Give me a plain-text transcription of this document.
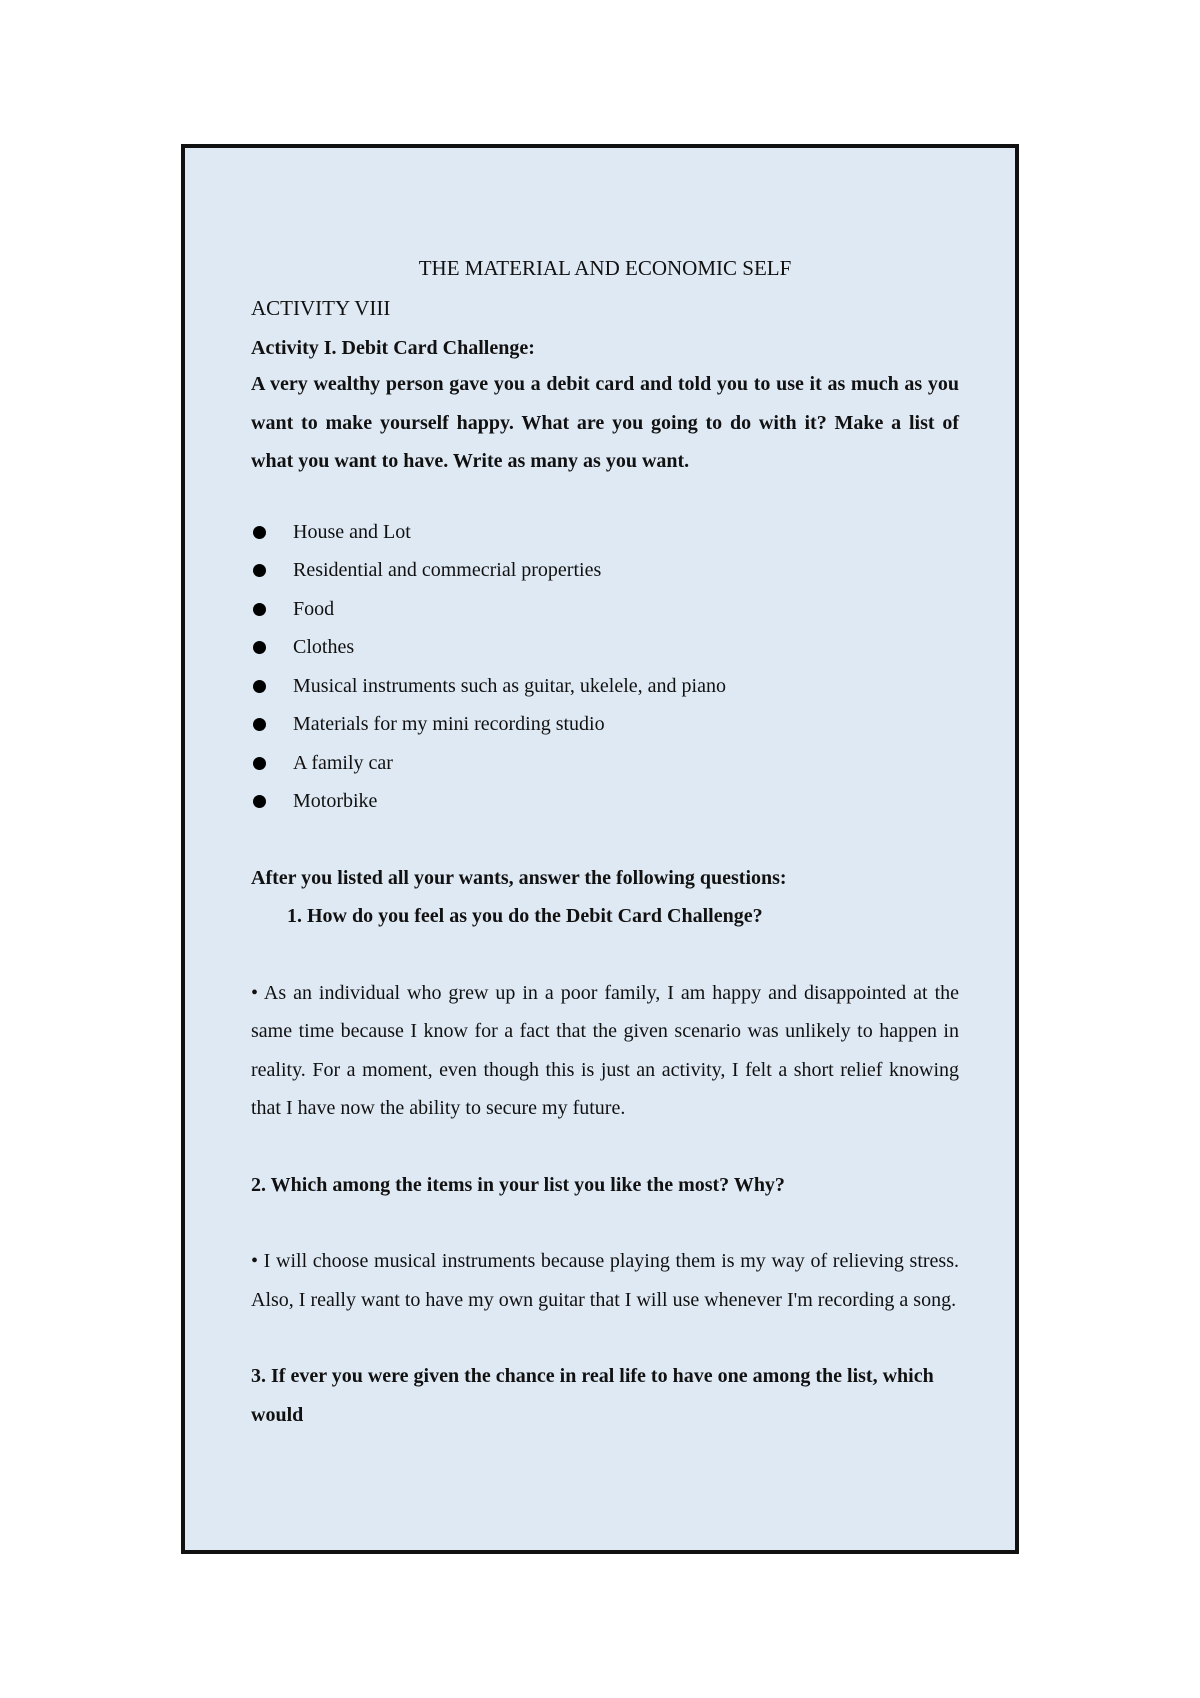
THE MATERIAL AND ECONOMIC SELF

ACTIVITY VIII
Activity I. Debit Card Challenge:
A very wealthy person gave you a debit card and told you to use it as much as you want to make yourself happy. What are you going to do with it? Make a list of what you want to have. Write as many as you want.
House and Lot
Residential and commecrial properties
Food
Clothes
Musical instruments such as guitar, ukelele, and piano
Materials for my mini recording studio
A family car
Motorbike
After you listed all your wants, answer the following questions:
1. How do you feel as you do the Debit Card Challenge?
• As an individual who grew up in a poor family, I am happy and disappointed at the same time because I know for a fact that the given scenario was unlikely to happen in reality. For a moment, even though this is just an activity, I felt a short relief knowing that I have now the ability to secure my future.
2. Which among the items in your list you like the most? Why?
• I will choose musical instruments because playing them is my way of relieving stress. Also, I really want to have my own guitar that I will use whenever I'm recording a song.
3. If ever you were given the chance in real life to have one among the list, which would
